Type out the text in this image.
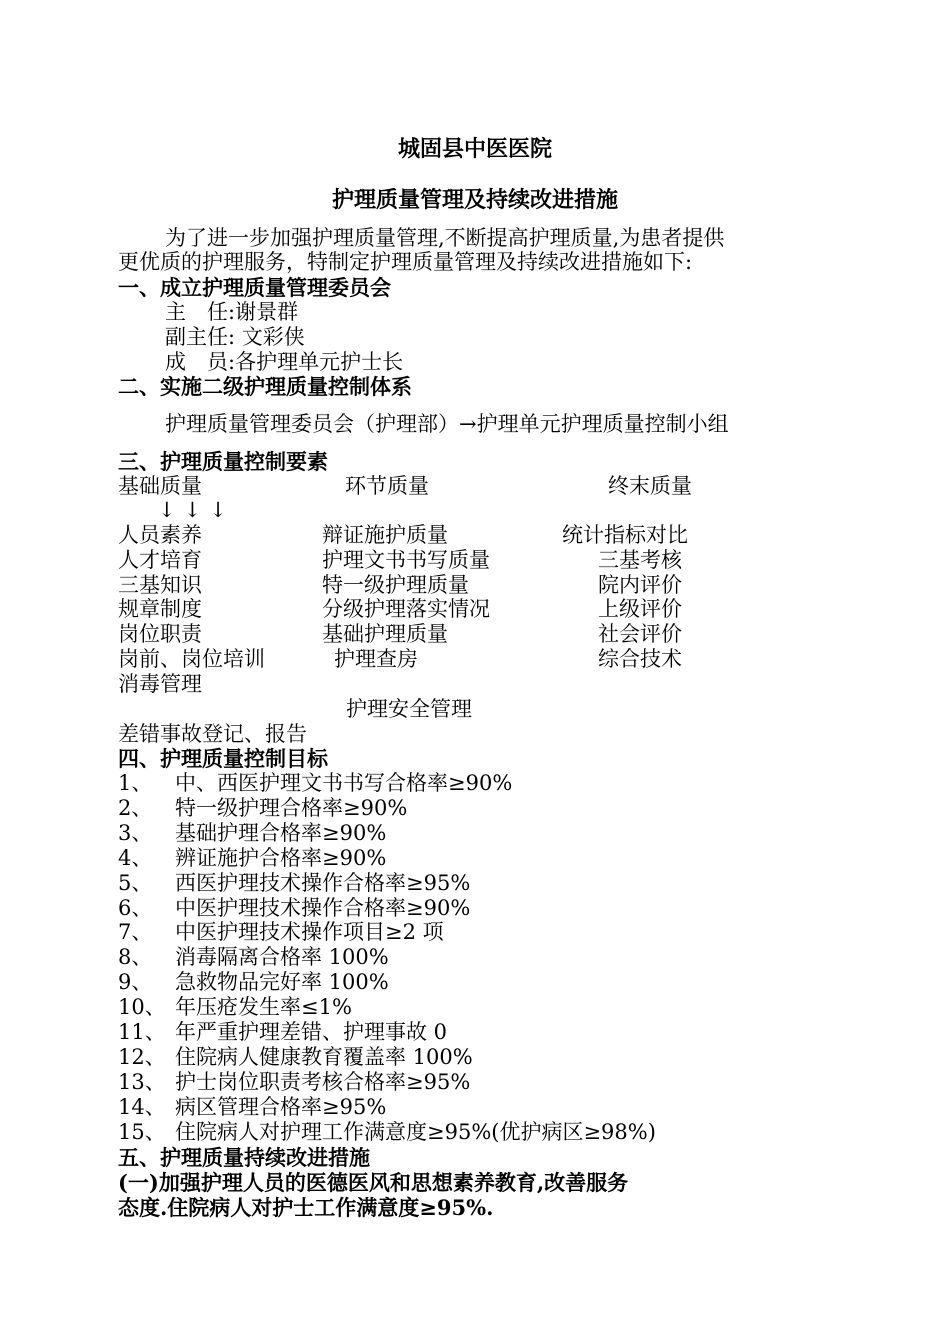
城固县中医医院
护理质量管理及持续改进措施
为了进一步加强护理质量管理,不断提高护理质量,为患者提供
更优质的护理服务，特制定护理质量管理及持续改进措施如下:
一、成立护理质量管理委员会
主　任:谢景群
副主任: 文彩侠
成　员:各护理单元护士长
二、实施二级护理质量控制体系
护理质量管理委员会（护理部）→护理单元护理质量控制小组
三、护理质量控制要素
基础质量	环节质量	终末质量
↓ ↓ ↓
人员素养
人才培育
三基知识
规章制度
岗位职责
岗前、岗位培训
消毒管理
辩证施护质量
护理文书书写质量
特一级护理质量
分级护理落实情况
基础护理质量
护理查房
统计指标对比
三基考核
院内评价
上级评价
社会评价
综合技术
护理安全管理
差错事故登记、报告
四、护理质量控制目标
1、 中、西医护理文书书写合格率≥90%
2、 特一级护理合格率≥90%
3、 基础护理合格率≥90%
4、 辨证施护合格率≥90%
5、 西医护理技术操作合格率≥95%
6、 中医护理技术操作合格率≥90%
7、 中医护理技术操作项目≥2 项
8、 消毒隔离合格率 100%
9、 急救物品完好率 100%
10、 年压疮发生率≤1%
11、 年严重护理差错、护理事故 0
12、 住院病人健康教育覆盖率 100%
13、 护士岗位职责考核合格率≥95%
14、 病区管理合格率≥95%
15、 住院病人对护理工作满意度≥95%(优护病区≥98%)
五、护理质量持续改进措施
(一)加强护理人员的医德医风和思想素养教育,改善服务
态度.住院病人对护士工作满意度≥95%.
